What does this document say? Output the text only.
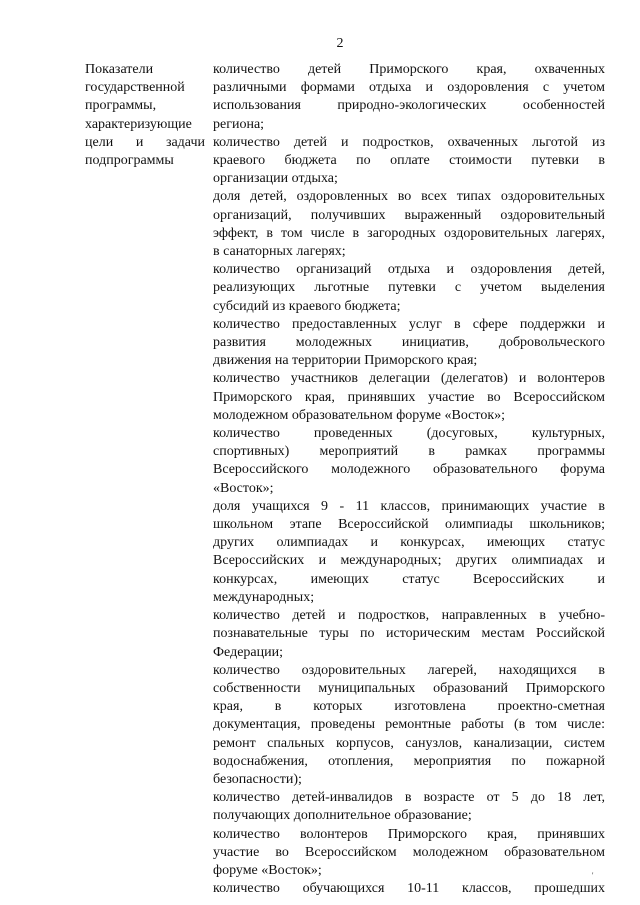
2
Показатели
государственной
программы,
характеризующие
цели и задачи
подпрограммы
количество детей Приморского края, охваченных
различными формами отдыха и оздоровления с учетом
использования природно-экологических особенностей
региона;
количество детей и подростков, охваченных льготой из
краевого бюджета по оплате стоимости путевки в
организации отдыха;
доля детей, оздоровленных во всех типах оздоровительных
организаций, получивших выраженный оздоровительный
эффект, в том числе в загородных оздоровительных лагерях,
в санаторных лагерях;
количество организаций отдыха и оздоровления детей,
реализующих льготные путевки с учетом выделения
субсидий из краевого бюджета;
количество предоставленных услуг в сфере поддержки и
развития молодежных инициатив, добровольческого
движения на территории Приморского края;
количество участников делегации (делегатов) и волонтеров
Приморского края, принявших участие во Всероссийском
молодежном образовательном форуме «Восток»;
количество проведенных (досуговых, культурных,
спортивных) мероприятий в рамках программы
Всероссийского молодежного образовательного форума
«Восток»;
доля учащихся 9 - 11 классов, принимающих участие в
школьном этапе Всероссийской олимпиады школьников;
других олимпиадах и конкурсах, имеющих статус
Всероссийских и международных; других олимпиадах и
конкурсах, имеющих статус Всероссийских и
международных;
количество детей и подростков, направленных в учебно-
познавательные туры по историческим местам Российской
Федерации;
количество оздоровительных лагерей, находящихся в
собственности муниципальных образований Приморского
края, в которых изготовлена проектно-сметная
документация, проведены ремонтные работы (в том числе:
ремонт спальных корпусов, санузлов, канализации, систем
водоснабжения, отопления, мероприятия по пожарной
безопасности);
количество детей-инвалидов в возрасте от 5 до 18 лет,
получающих дополнительное образование;
количество волонтеров Приморского края, принявших
участие во Всероссийском молодежном образовательном
форуме «Восток»;
количество обучающихся 10-11 классов, прошедших
'
